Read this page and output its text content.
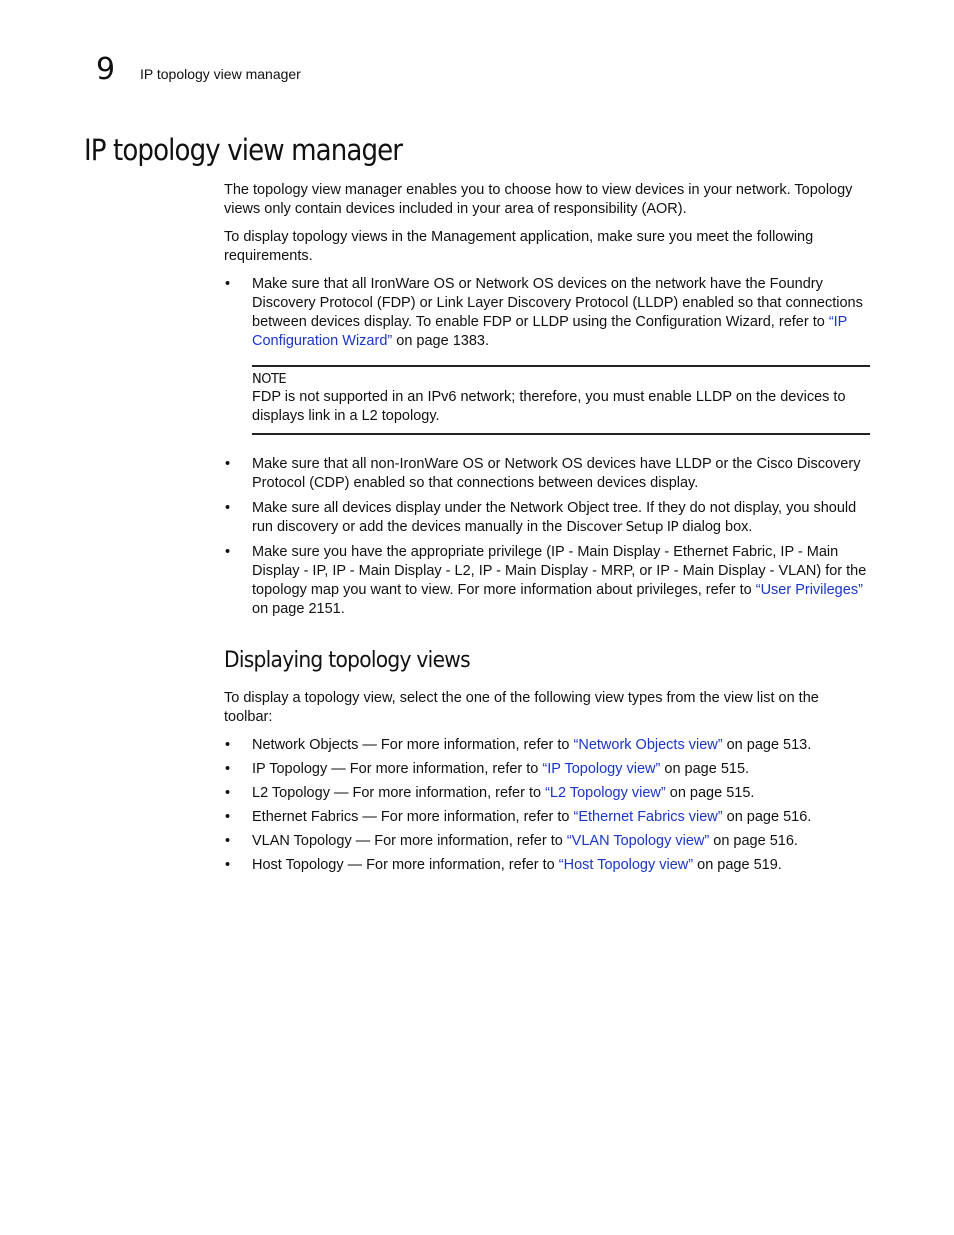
9 IP topology view manager
IP topology view manager

The topology view manager enables you to choose how to view devices in your network. Topology views only contain devices included in your area of responsibility (AOR).

To display topology views in the Management application, make sure you meet the following requirements.

• Make sure that all IronWare OS or Network OS devices on the network have the Foundry Discovery Protocol (FDP) or Link Layer Discovery Protocol (LLDP) enabled so that connections between devices display. To enable FDP or LLDP using the Configuration Wizard, refer to “IP Configuration Wizard” on page 1383.
NOTE
FDP is not supported in an IPv6 network; therefore, you must enable LLDP on the devices to displays link in a L2 topology.
• Make sure that all non-IronWare OS or Network OS devices have LLDP or the Cisco Discovery Protocol (CDP) enabled so that connections between devices display.
• Make sure all devices display under the Network Object tree. If they do not display, you should run discovery or add the devices manually in the Discover Setup IP dialog box.
• Make sure you have the appropriate privilege (IP - Main Display - Ethernet Fabric, IP - Main Display - IP, IP - Main Display - L2, IP - Main Display - MRP, or IP - Main Display - VLAN) for the topology map you want to view. For more information about privileges, refer to “User Privileges” on page 2151.
Displaying topology views

To display a topology view, select the one of the following view types from the view list on the toolbar:

• Network Objects — For more information, refer to “Network Objects view” on page 513.
• IP Topology — For more information, refer to “IP Topology view” on page 515.
• L2 Topology — For more information, refer to “L2 Topology view” on page 515.
• Ethernet Fabrics — For more information, refer to “Ethernet Fabrics view” on page 516.
• VLAN Topology — For more information, refer to “VLAN Topology view” on page 516.
• Host Topology — For more information, refer to “Host Topology view” on page 519.
